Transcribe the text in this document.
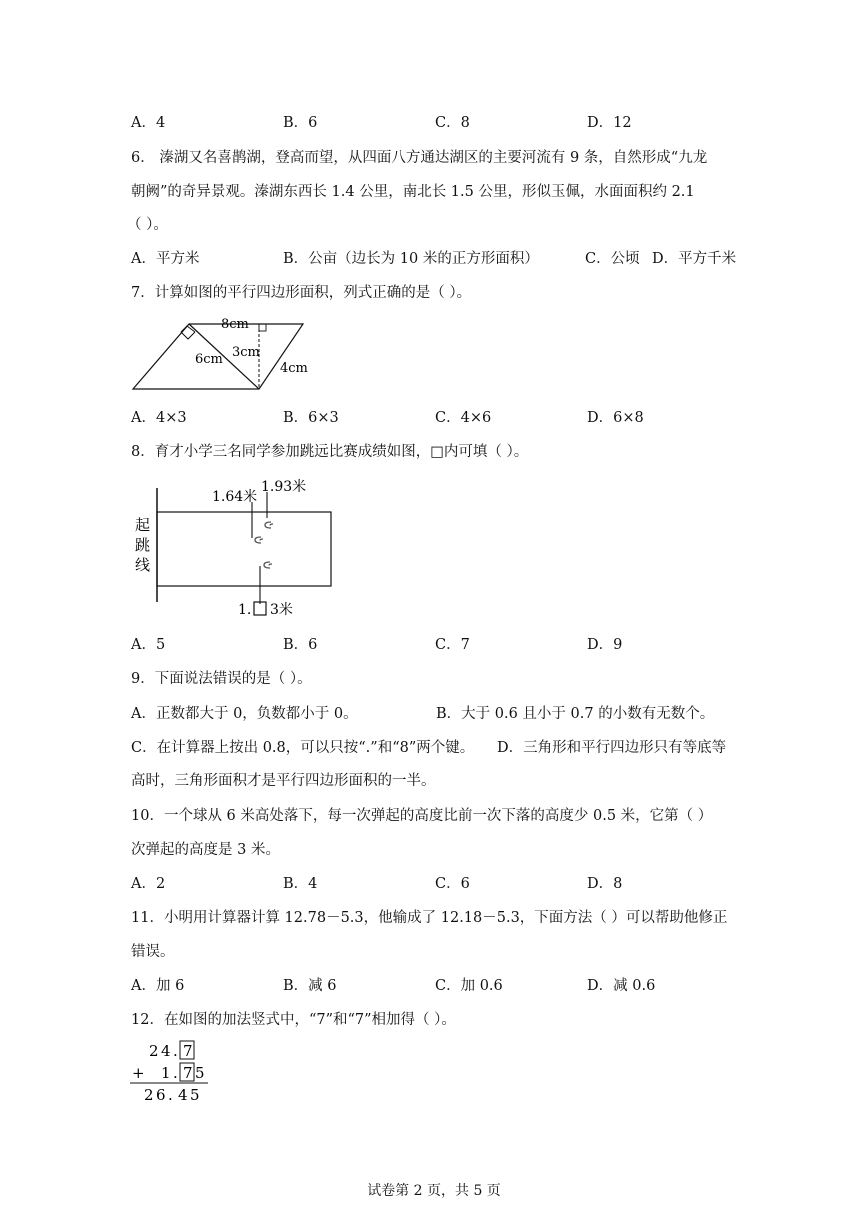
A．4	B．6	C．8	D．12
6． 溱湖又名喜鹊湖，登高而望，从四面八方通达湖区的主要河流有 9 条，自然形成“九龙
朝阙”的奇异景观。溱湖东西长 1.4 公里，南北长 1.5 公里，形似玉佩，水面面积约 2.1
（ ）。
A．平方米	B．公亩（边长为 10 米的正方形面积）	C．公顷 D．平方千米
7．计算如图的平行四边形面积，列式正确的是（ ）。
8cm
6cm 3cm
4cm
A．4×3	B．6×3	C．4×6	D．6×8
8．育才小学三名同学参加跳远比赛成绩如图，□内可填（ ）。
起
跳
线
1.64米
1.93米
1. 3米
A．5	B．6	C．7	D．9
9．下面说法错误的是（ ）。
A．正数都大于 0，负数都小于 0。	B．大于 0.6 且小于 0.7 的小数有无数个。
C．在计算器上按出 0.8，可以只按“.”和“8”两个键。 D．三角形和平行四边形只有等底等
高时，三角形面积才是平行四边形面积的一半。
10．一个球从 6 米高处落下，每一次弹起的高度比前一次下落的高度少 0.5 米，它第（ ）
次弹起的高度是 3 米。
A．2	B．4	C．6	D．8
11．小明用计算器计算 12.78－5.3，他输成了 12.18－5.3，下面方法（ ）可以帮助他修正
错误。
A．加 6	B．减 6	C．加 0.6	D．减 0.6
12．在如图的加法竖式中，“7”和“7”相加得（ ）。
2 4 . 7
+ 1 . 7 5
2 6 . 4 5
试卷第 2 页，共 5 页
